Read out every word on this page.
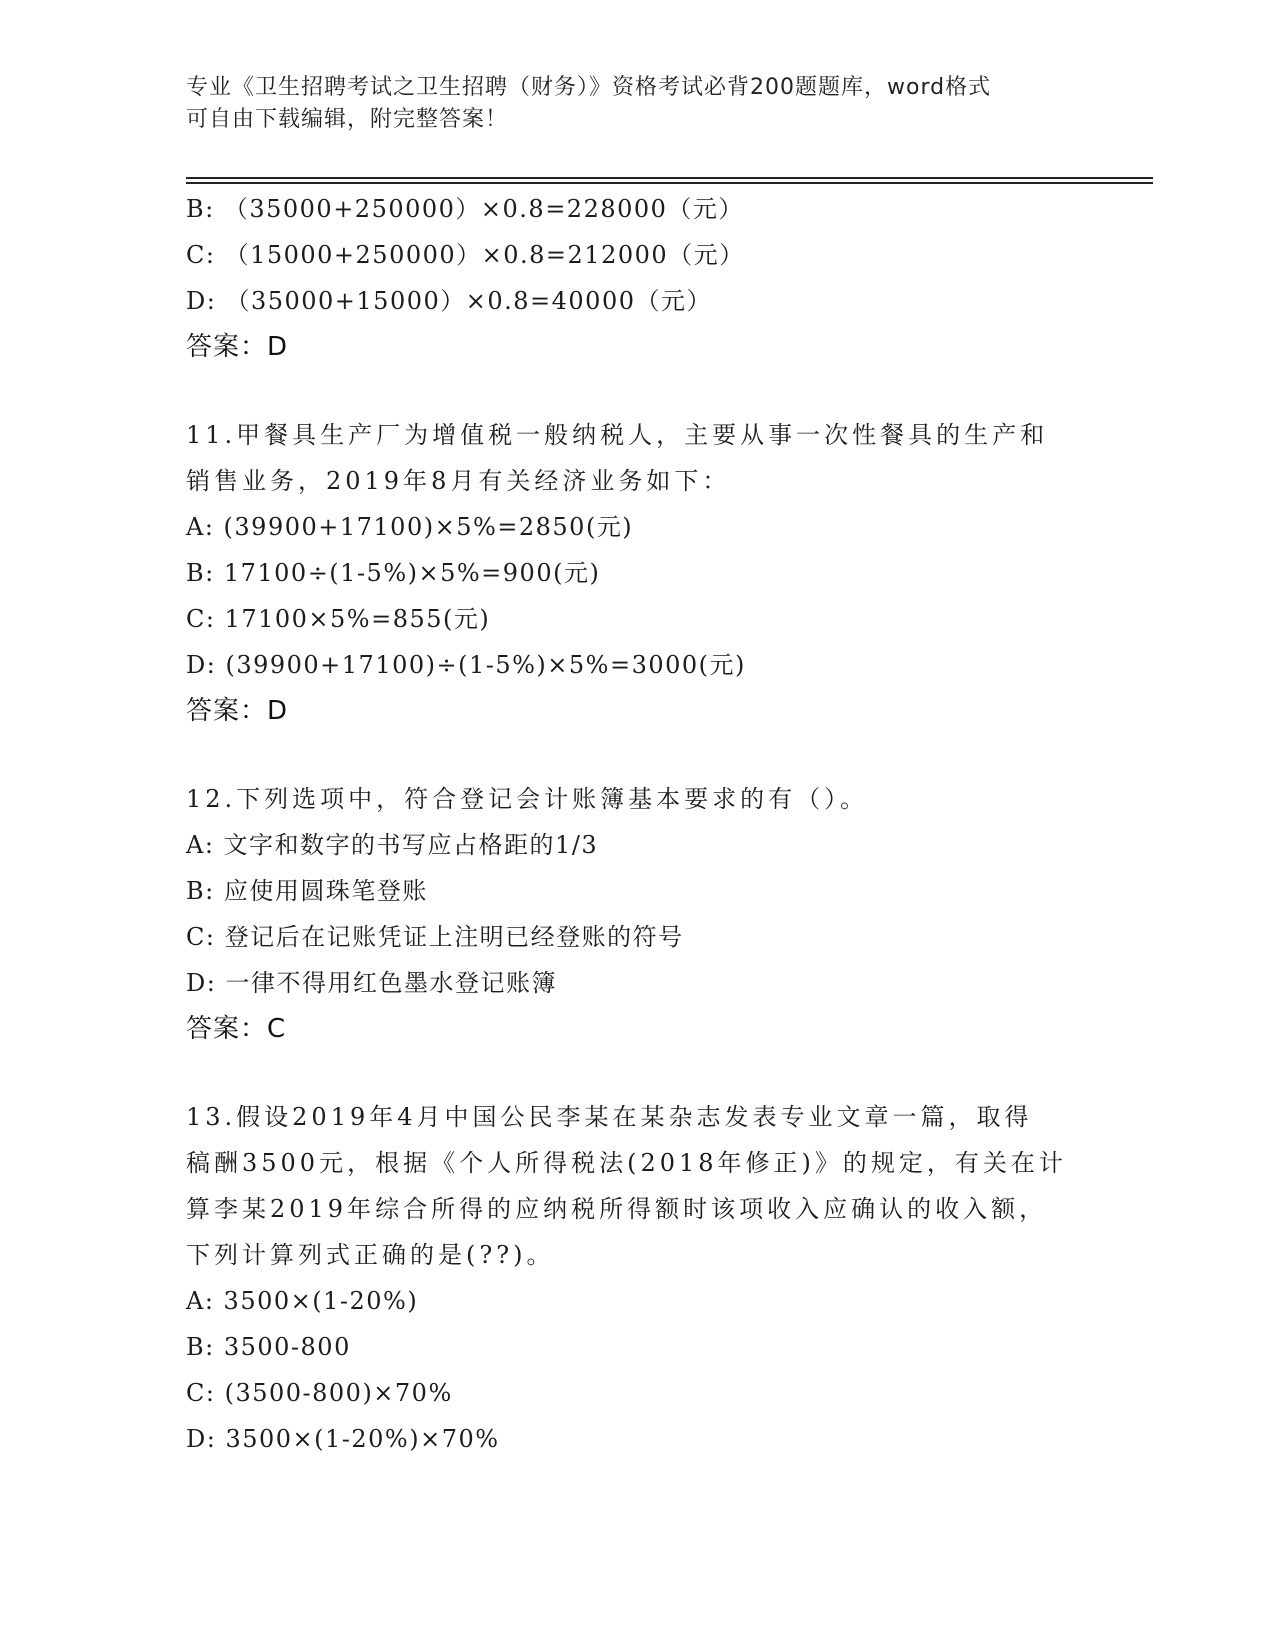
专业《卫生招聘考试之卫生招聘（财务）》资格考试必背200题题库，word格式
可自由下载编辑，附完整答案！
B: （35000+250000）×0.8=228000（元）
C: （15000+250000）×0.8=212000（元）
D: （35000+15000）×0.8=40000（元）
答案：D
11.甲餐具生产厂为增值税一般纳税人，主要从事一次性餐具的生产和
销售业务，2019年8月有关经济业务如下：
A: (39900+17100)×5%=2850(元)
B: 17100÷(1-5%)×5%=900(元)
C: 17100×5%=855(元)
D: (39900+17100)÷(1-5%)×5%=3000(元)
答案：D
12.下列选项中，符合登记会计账簿基本要求的有（）。
A: 文字和数字的书写应占格距的1/3
B: 应使用圆珠笔登账
C: 登记后在记账凭证上注明已经登账的符号
D: 一律不得用红色墨水登记账簿
答案：C
13.假设2019年4月中国公民李某在某杂志发表专业文章一篇，取得
稿酬3500元，根据《个人所得税法(2018年修正)》的规定，有关在计
算李某2019年综合所得的应纳税所得额时该项收入应确认的收入额，
下列计算列式正确的是(??)。
A: 3500×(1-20%)
B: 3500-800
C: (3500-800)×70%
D: 3500×(1-20%)×70%
